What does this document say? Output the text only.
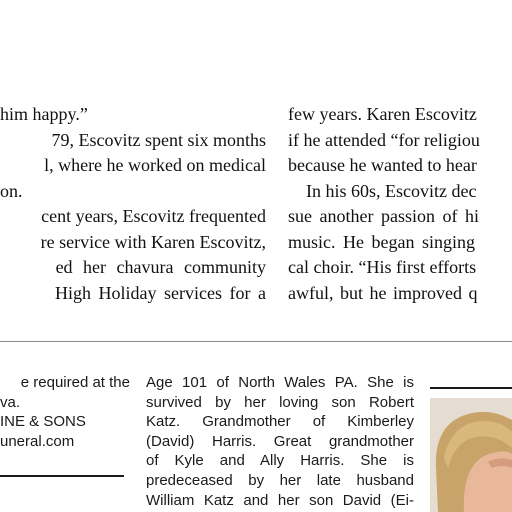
him happy.”
79, Escovitz spent six months
l, where he worked on medical
on.
cent years, Escovitz frequented
re service with Karen Escovitz,
ed her chavura community
High Holiday services for a
few years. Karen Escovitz
if he attended “for religiou
because he wanted to hear
In his 60s, Escovitz dec
sue another passion of hi
music. He began singing
cal choir. “His first efforts
awful, but he improved q
e required at the
va.
INE & SONS
uneral.com
Age 101 of North Wales PA. She is
survived by her loving son Robert
Katz. Grandmother of Kimberley
(David) Harris. Great grandmother
of Kyle and Ally Harris. She is
predeceased by her late husband
William Katz and her son David (Ei-
